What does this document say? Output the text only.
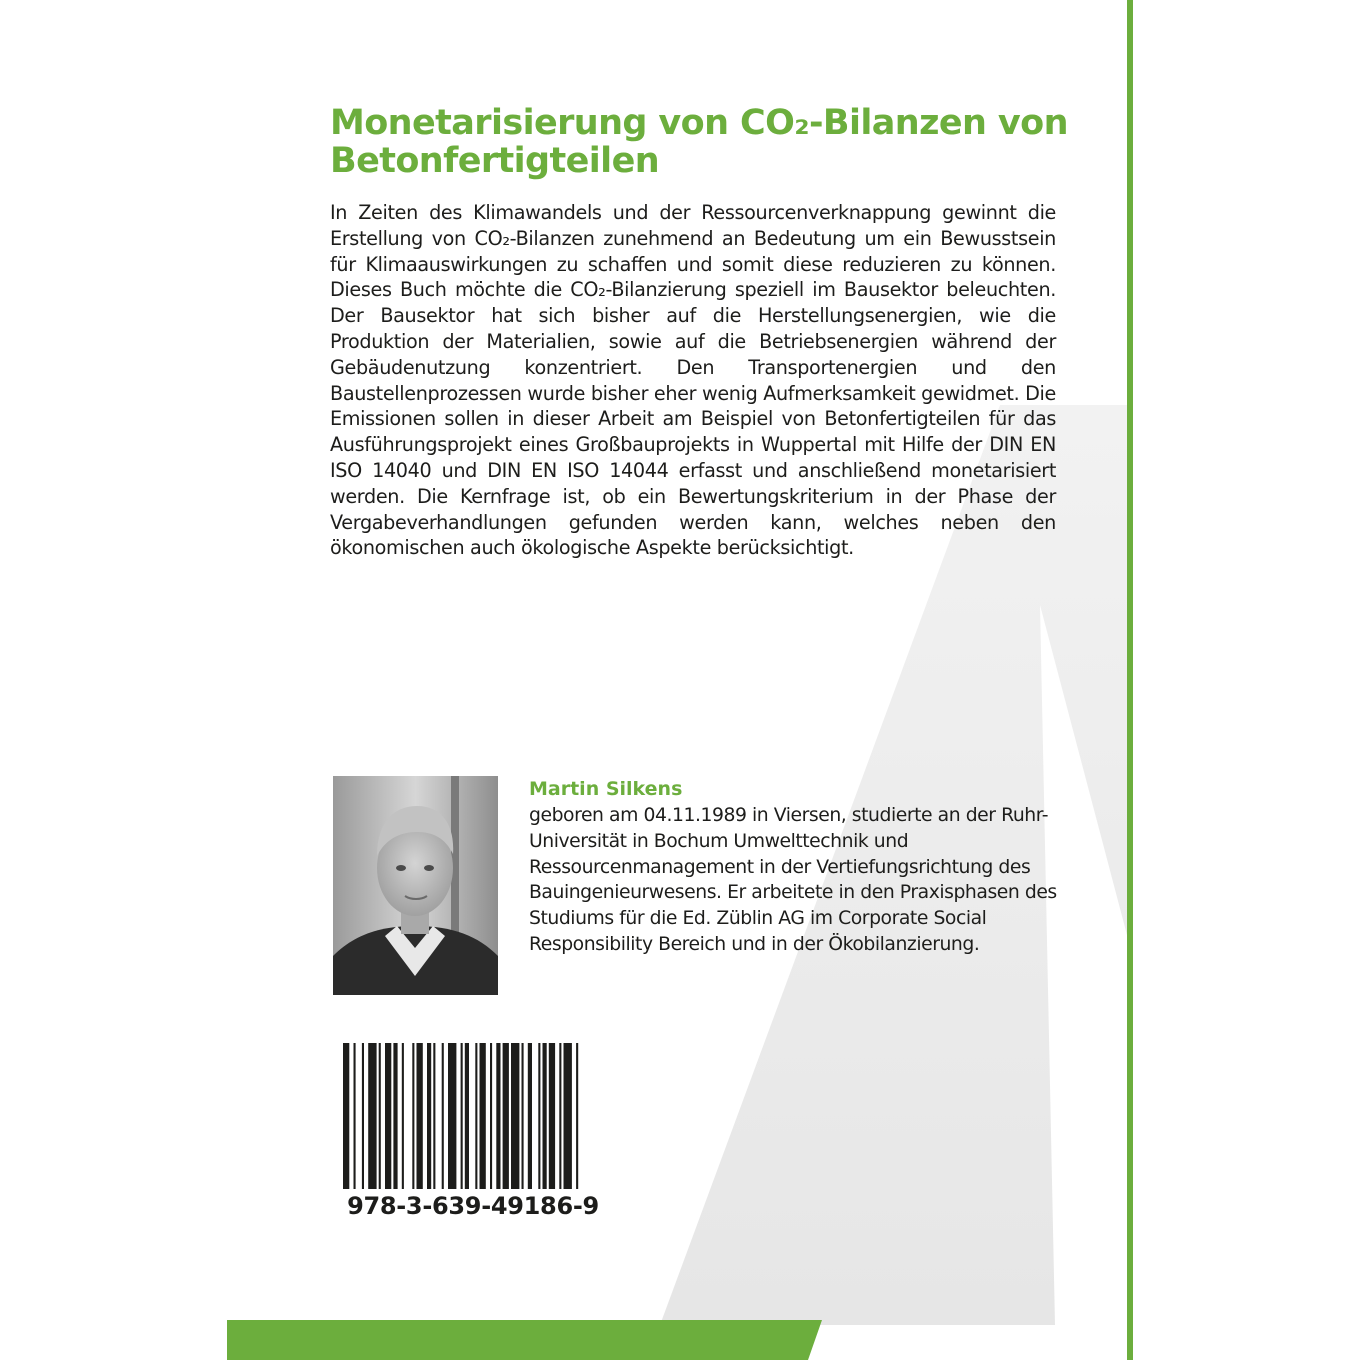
Monetarisierung von CO₂-Bilanzen von Betonfertigteilen

In Zeiten des Klimawandels und der Ressourcenverknappung gewinnt die Erstellung von CO₂-Bilanzen zunehmend an Bedeutung um ein Bewusstsein für Klimaauswirkungen zu schaffen und somit diese reduzieren zu können. Dieses Buch möchte die CO₂-Bilanzierung speziell im Bausektor beleuchten. Der Bausektor hat sich bisher auf die Herstellungsenergien, wie die Produktion der Materialien, sowie auf die Betriebsenergien während der Gebäudenutzung konzentriert. Den Transportenergien und den Baustellenprozessen wurde bisher eher wenig Aufmerksamkeit gewidmet. Die Emissionen sollen in dieser Arbeit am Beispiel von Betonfertigteilen für das Ausführungsprojekt eines Großbauprojekts in Wuppertal mit Hilfe der DIN EN ISO 14040 und DIN EN ISO 14044 erfasst und anschließend monetarisiert werden. Die Kernfrage ist, ob ein Bewertungskriterium in der Phase der Vergabeverhandlungen gefunden werden kann, welches neben den ökonomischen auch ökologische Aspekte berücksichtigt.

Martin Silkens

geboren am 04.11.1989 in Viersen, studierte an der Ruhr-Universität in Bochum Umwelttechnik und Ressourcenmanagement in der Vertiefungsrichtung des Bauingenieurwesens. Er arbeitete in den Praxisphasen des Studiums für die Ed. Züblin AG im Corporate Social Responsibility Bereich und in der Ökobilanzierung.

978-3-639-49186-9
